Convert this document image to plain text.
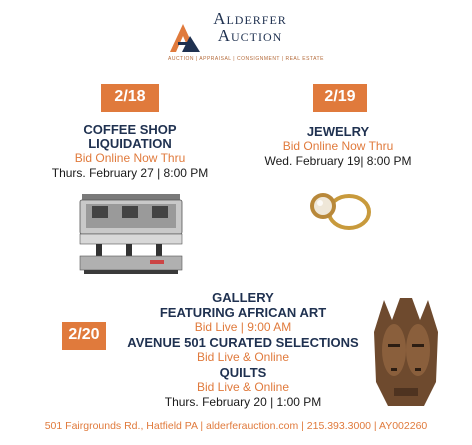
Alderfer
Auction
AUCTION | APPRAISAL | CONSIGNMENT | REAL ESTATE
2/18	2/19
2/20
COFFEE SHOP
LIQUIDATION
Bid Online Now Thru
Thurs. February 27 | 8:00 PM
JEWELRY
Bid Online Now Thru
Wed. February 19| 8:00 PM
GALLERY
FEATURING AFRICAN ART
Bid Live | 9:00 AM
AVENUE 501 CURATED SELECTIONS
Bid Live & Online
QUILTS
Bid Live & Online
Thurs. February 20 | 1:00 PM
501 Fairgrounds Rd., Hatfield PA | alderferauction.com | 215.393.3000 | AY002260
